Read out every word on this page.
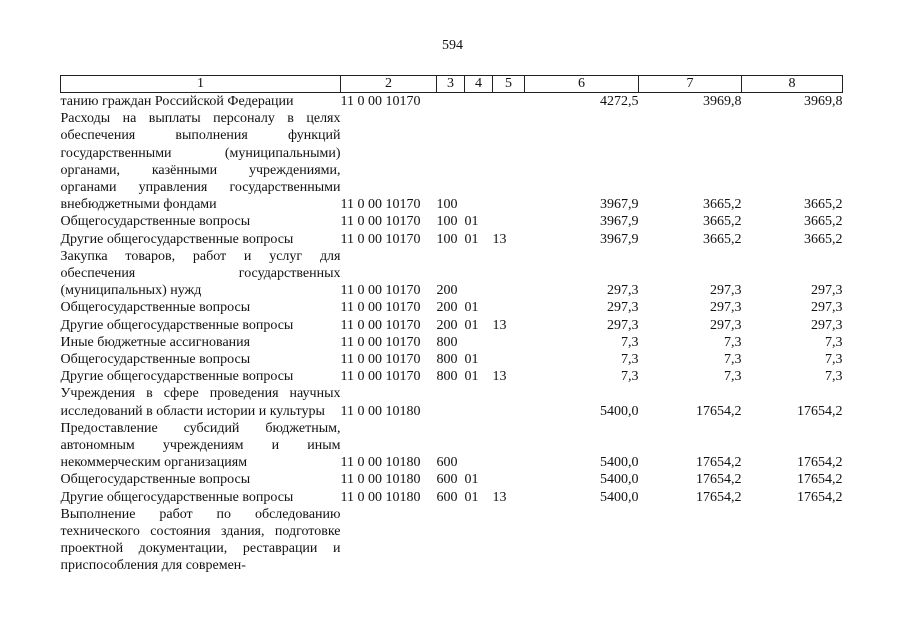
594
1	2	3	4	5	6	7	8
танию граждан Российской Федерации	11 0 00 10170				4272,5	3969,8	3969,8
Расходы на выплаты персоналу в целях обеспечения выполнения функций государственными (муниципальными) органами, казёнными учреждениями, органами управления государственными внебюджетными фондами	11 0 00 10170	100			3967,9	3665,2	3665,2
Общегосударственные вопросы	11 0 00 10170	100	01		3967,9	3665,2	3665,2
Другие общегосударственные вопросы	11 0 00 10170	100	01	13	3967,9	3665,2	3665,2
Закупка товаров, работ и услуг для обеспечения государственных (муниципальных) нужд	11 0 00 10170	200			297,3	297,3	297,3
Общегосударственные вопросы	11 0 00 10170	200	01		297,3	297,3	297,3
Другие общегосударственные вопросы	11 0 00 10170	200	01	13	297,3	297,3	297,3
Иные бюджетные ассигнования	11 0 00 10170	800			7,3	7,3	7,3
Общегосударственные вопросы	11 0 00 10170	800	01		7,3	7,3	7,3
Другие общегосударственные вопросы	11 0 00 10170	800	01	13	7,3	7,3	7,3
Учреждения в сфере проведения научных исследований в области истории и культуры	11 0 00 10180				5400,0	17654,2	17654,2
Предоставление субсидий бюджетным, автономным учреждениям и иным некоммерческим организациям	11 0 00 10180	600			5400,0	17654,2	17654,2
Общегосударственные вопросы	11 0 00 10180	600	01		5400,0	17654,2	17654,2
Другие общегосударственные вопросы	11 0 00 10180	600	01	13	5400,0	17654,2	17654,2
Выполнение работ по обследованию технического состояния здания, подготовке проектной документации, реставрации и приспособления для современ-							
